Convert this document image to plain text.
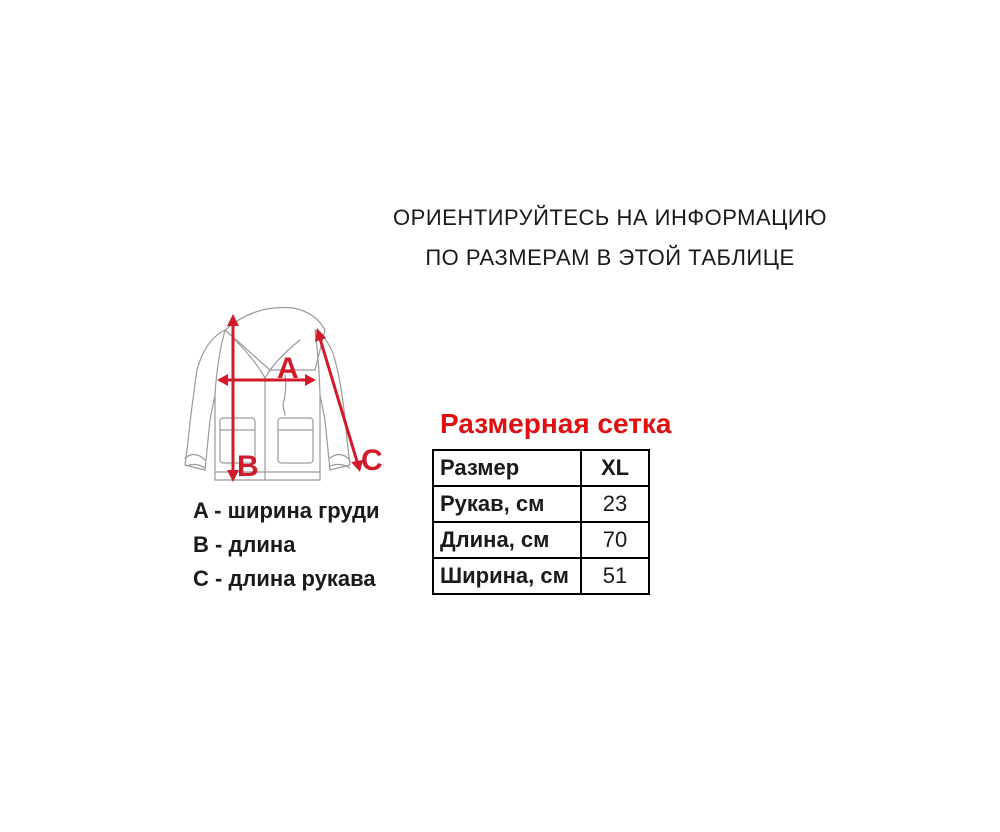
ОРИЕНТИРУЙТЕСЬ НА ИНФОРМАЦИЮ
ПО РАЗМЕРАМ В ЭТОЙ ТАБЛИЦЕ
A
B	C
A - ширина груди
B - длина
C - длина рукава
Размерная сетка
Размер	XL
Рукав, см	23
Длина, см	70
Ширина, см	51
